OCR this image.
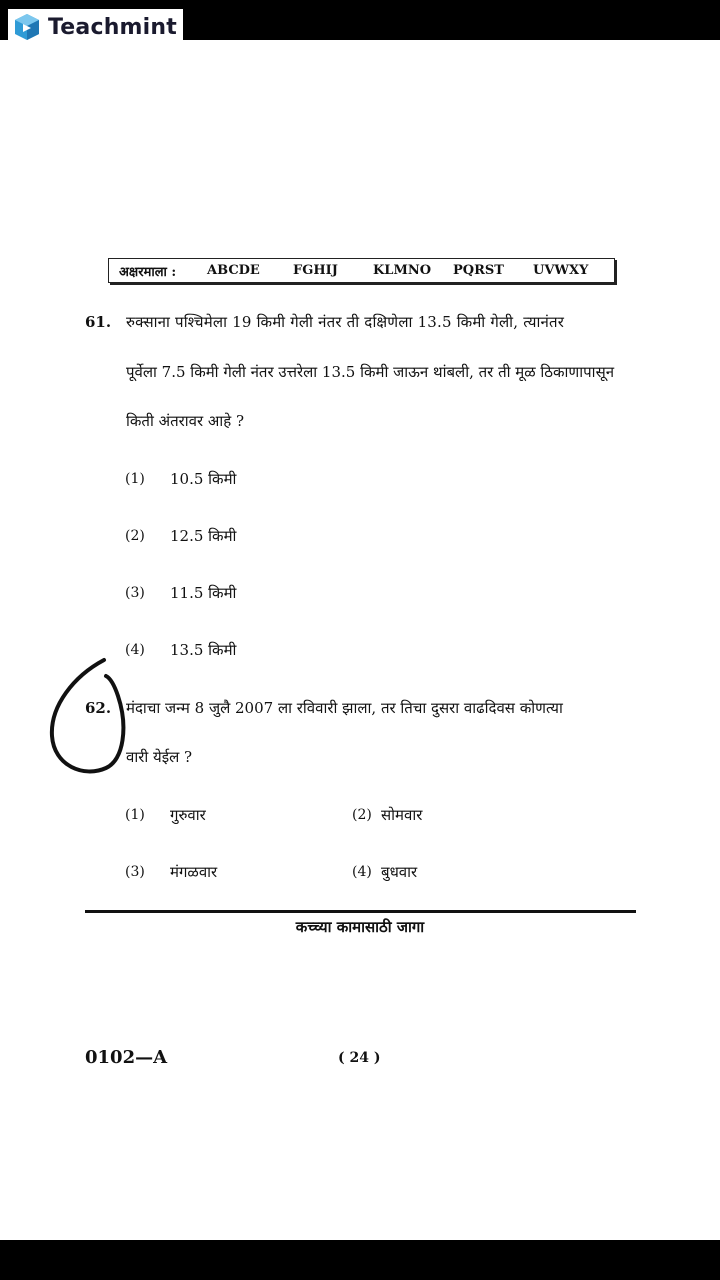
Teachmint
अक्षरमाला :	ABCDE	FGHIJ	KLMNO	PQRST	UVWXY
61. रुक्साना पश्चिमेला 19 किमी गेली नंतर ती दक्षिणेला 13.5 किमी गेली, त्यानंतर
पूर्वेला 7.5 किमी गेली नंतर उत्तरेला 13.5 किमी जाऊन थांबली, तर ती मूळ ठिकाणापासून
किती अंतरावर आहे ?
(1) 10.5 किमी
(2) 12.5 किमी
(3) 11.5 किमी
(4) 13.5 किमी
62. मंदाचा जन्म 8 जुलै 2007 ला रविवारी झाला, तर तिचा दुसरा वाढदिवस कोणत्या
वारी येईल ?
(1) गुरुवार	(2) सोमवार
(3) मंगळवार	(4) बुधवार
कच्च्या कामासाठी जागा
0102—A	( 24 )
